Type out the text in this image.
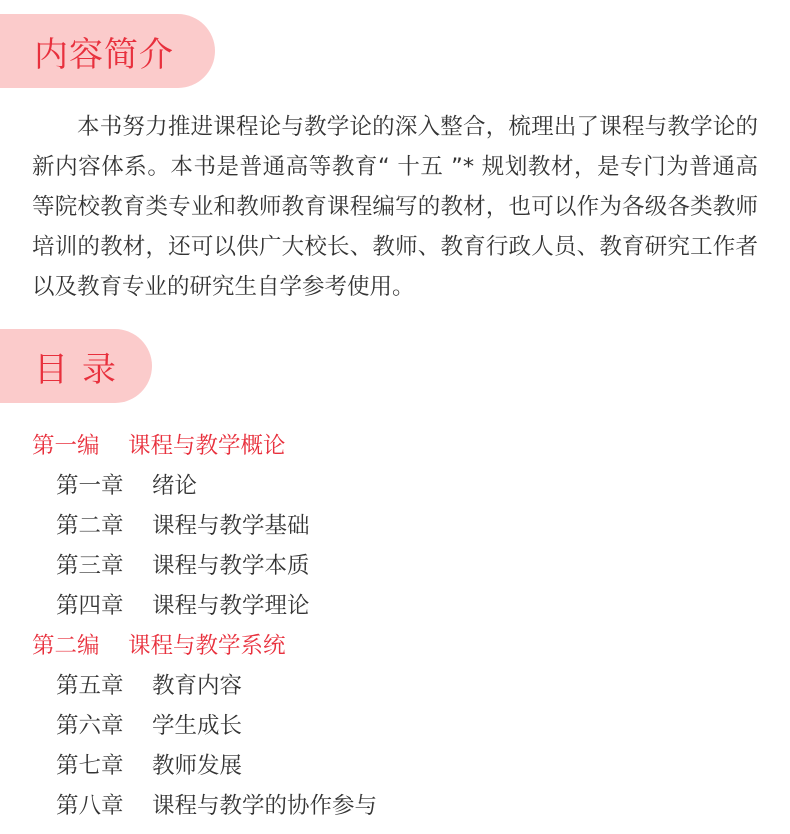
内容简介

本书努力推进课程论与教学论的深入整合，梳理出了课程与教学论的新内容体系。本书是普通高等教育“ 十五 ”* 规划教材，是专门为普通高等院校教育类专业和教师教育课程编写的教材，也可以作为各级各类教师培训的教材，还可以供广大校长、教师、教育行政人员、教育研究工作者以及教育专业的研究生自学参考使用。

目录
第一编	课程与教学概论
第一章	绪论
第二章	课程与教学基础
第三章	课程与教学本质
第四章	课程与教学理论
第二编	课程与教学系统
第五章	教育内容
第六章	学生成长
第七章	教师发展
第八章	课程与教学的协作参与
